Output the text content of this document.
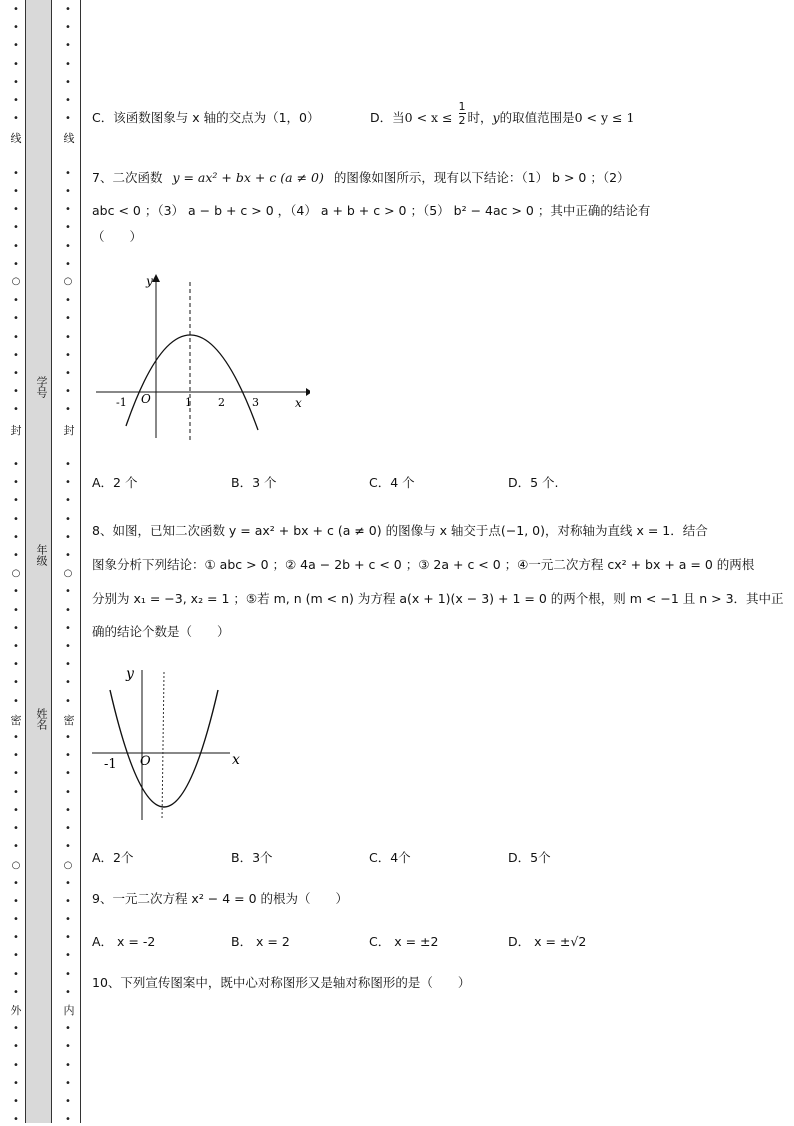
•
•
•
•
•
•
•
•
•
•
•
•
•
○
•
•
•
•
•
•
•
•
•
•
•
•
•
○
•
•
•
•
•
•
•
•
•
•
•
•
•
•
○
•
•
•
•
•
•
•
•
•
•
•
•
•
•
•
•
•
•
•
•
•
•
•
•
•
•
○
•
•
•
•
•
•
•
•
•
•
•
•
•
○
•
•
•
•
•
•
•
•
•
•
•
•
•
•
○
•
•
•
•
•
•
•
•
•
•
•
•
•
线
封
密
外
线
封
密
内
学号
年级
姓名
C．该函数图象与 x 轴的交点为（1，0）	D．当$0 < x \le \frac{1}{2}$ 时，y的取值范围是0 < y ≤ 1
7、二次函数 y = ax² + bx + c (a ≠ 0) 的图像如图所示，现有以下结论：（1） b > 0 ；（2）
abc < 0 ；（3） a − b + c > 0 ，（4） a + b + c > 0 ；（5） b² − 4ac > 0 ；其中正确的结论有
（　　）
y
x
O
-1	1 2 3
A．2 个	B．3 个	C．4 个	D．5 个.
8、如图，已知二次函数 y = ax² + bx + c (a ≠ 0) 的图像与 x 轴交于点(−1, 0)，对称轴为直线 x = 1．结合
图象分析下列结论：① abc > 0 ；② 4a − 2b + c < 0 ；③ 2a + c < 0 ；④一元二次方程 cx² + bx + a = 0 的两根
分别为 x₁ = −3, x₂ = 1 ；⑤若 m, n (m < n) 为方程 a(x + 1)(x − 3) + 1 = 0 的两个根，则 m < −1 且 n > 3．其中正
确的结论个数是（　　）
y
x
O
-1
A．2个	B．3个	C．4个	D．5个
9、一元二次方程 x² − 4 = 0 的根为（　　）
A． x = -2	B． x = 2	C． x = ±2	D． x = ±√2
10、下列宣传图案中，既中心对称图形又是轴对称图形的是（　　）
